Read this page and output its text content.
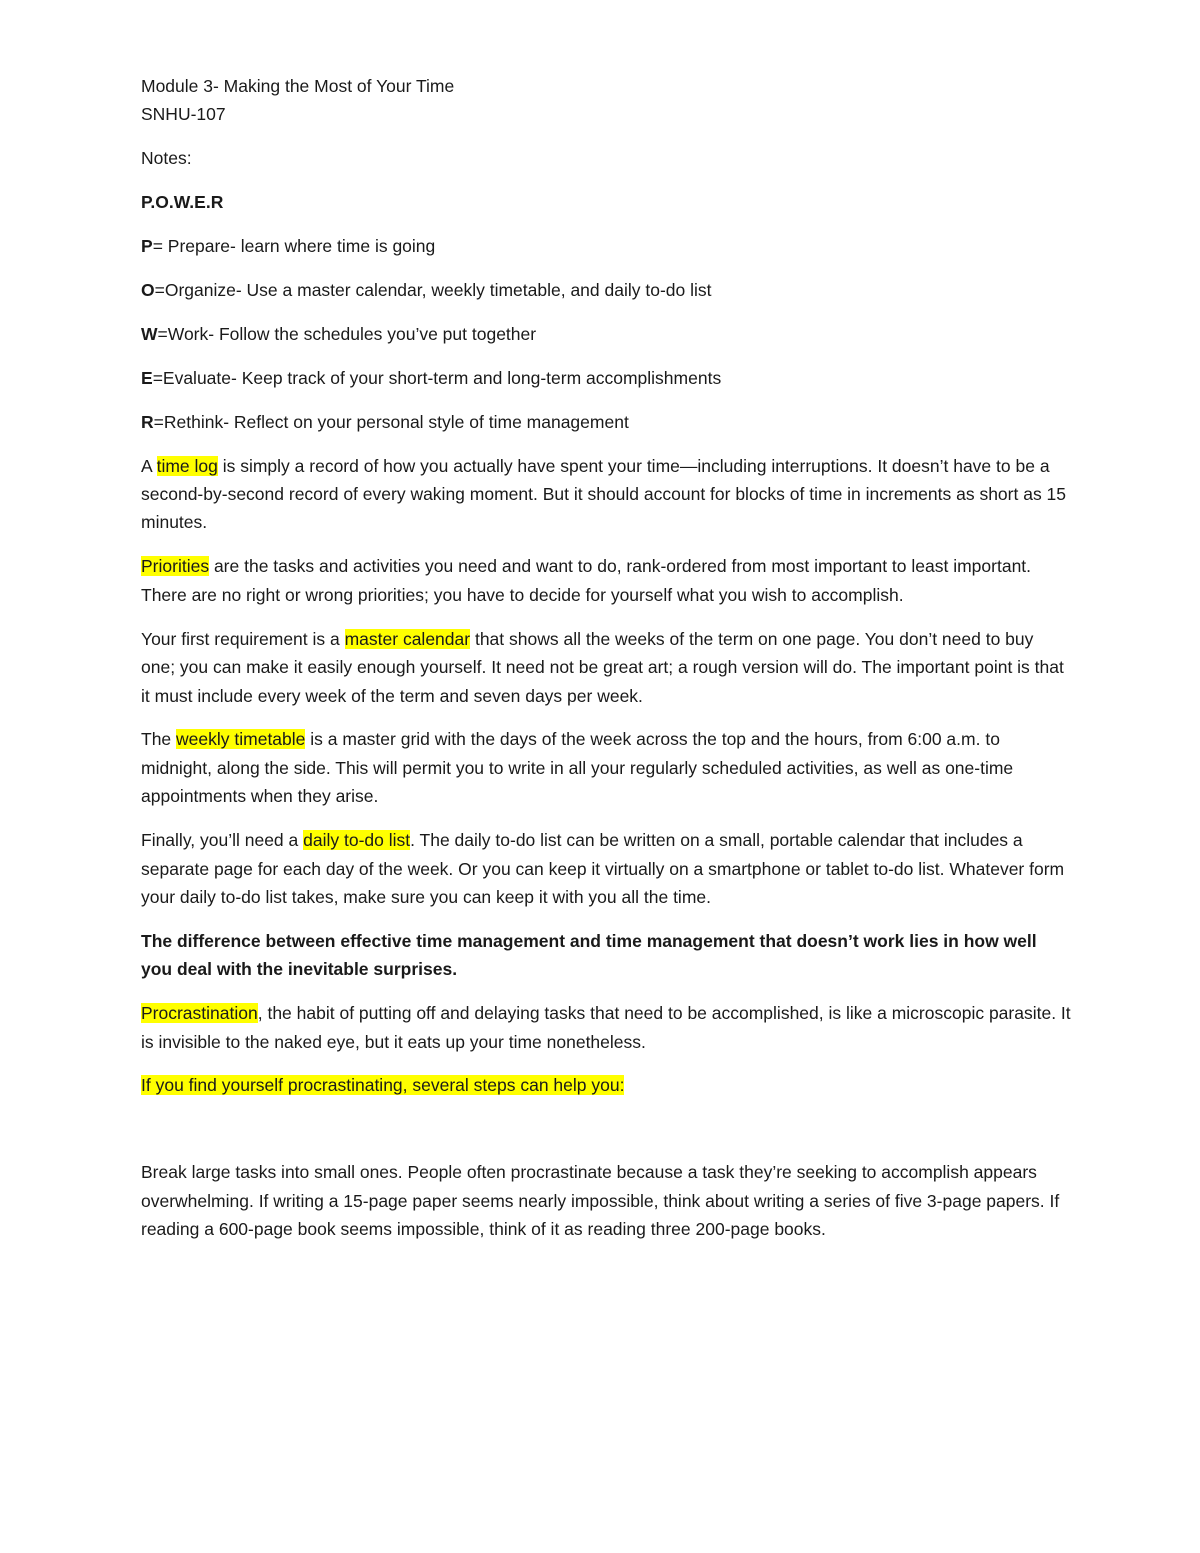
Module 3- Making the Most of Your Time

SNHU-107

Notes:

P.O.W.E.R

P= Prepare- learn where time is going

O=Organize- Use a master calendar, weekly timetable, and daily to-do list

W=Work- Follow the schedules you’ve put together

E=Evaluate- Keep track of your short-term and long-term accomplishments

R=Rethink- Reflect on your personal style of time management

A time log is simply a record of how you actually have spent your time—including interruptions. It doesn’t have to be a second-by-second record of every waking moment. But it should account for blocks of time in increments as short as 15 minutes.

Priorities are the tasks and activities you need and want to do, rank-ordered from most important to least important. There are no right or wrong priorities; you have to decide for yourself what you wish to accomplish.

Your first requirement is a master calendar that shows all the weeks of the term on one page. You don’t need to buy one; you can make it easily enough yourself. It need not be great art; a rough version will do. The important point is that it must include every week of the term and seven days per week.

The weekly timetable is a master grid with the days of the week across the top and the hours, from 6:00 a.m. to midnight, along the side. This will permit you to write in all your regularly scheduled activities, as well as one-time appointments when they arise.

Finally, you’ll need a daily to-do list. The daily to-do list can be written on a small, portable calendar that includes a separate page for each day of the week. Or you can keep it virtually on a smartphone or tablet to-do list. Whatever form your daily to-do list takes, make sure you can keep it with you all the time.

The difference between effective time management and time management that doesn’t work lies in how well you deal with the inevitable surprises.

Procrastination, the habit of putting off and delaying tasks that need to be accomplished, is like a microscopic parasite. It is invisible to the naked eye, but it eats up your time nonetheless.

If you find yourself procrastinating, several steps can help you:

Break large tasks into small ones. People often procrastinate because a task they’re seeking to accomplish appears overwhelming. If writing a 15-page paper seems nearly impossible, think about writing a series of five 3-page papers. If reading a 600-page book seems impossible, think of it as reading three 200-page books.
